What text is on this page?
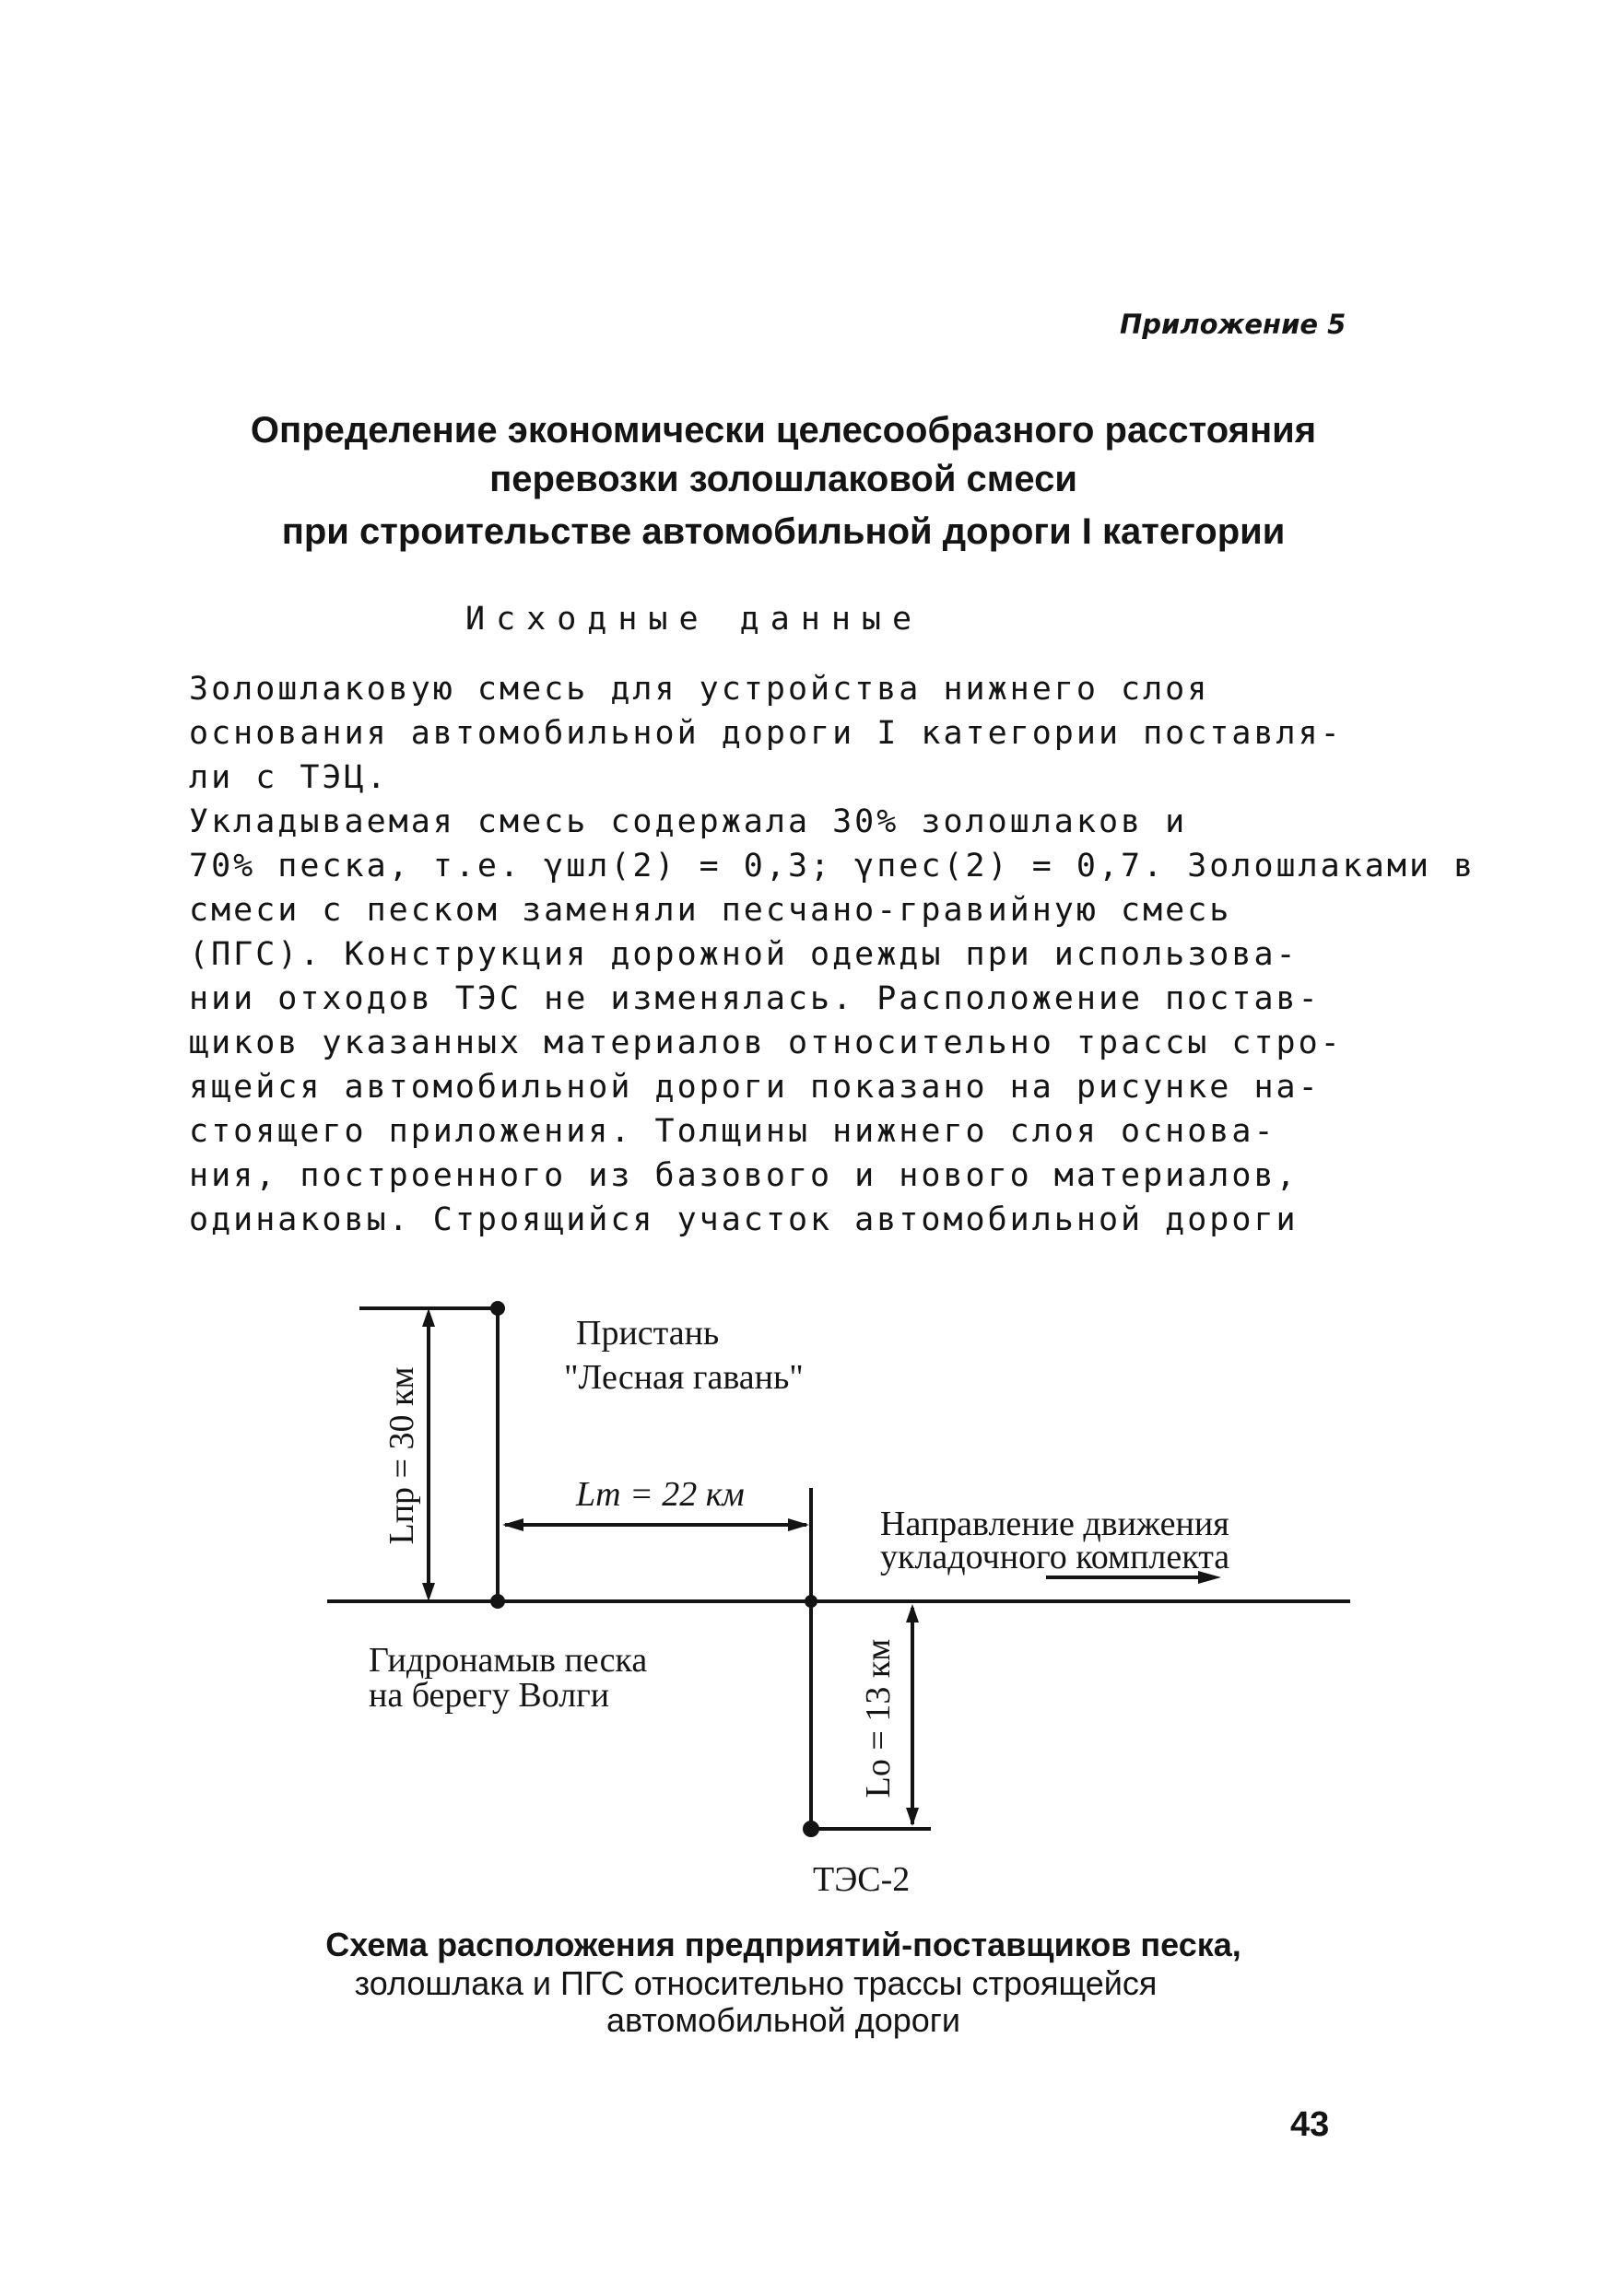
Приложение 5
Определение экономически целесообразного расстояния
перевозки золошлаковой смеси
при строительстве автомобильной дороги I категории
Исходные данные
Золошлаковую смесь для устройства нижнего слоя
основания автомобильной дороги I категории поставля-
ли с ТЭЦ.
Укладываемая смесь содержала 30% золошлаков и
70% песка, т.е. γшл(2) = 0,3; γпес(2) = 0,7. Золошлаками в
смеси с песком заменяли песчано-гравийную смесь
(ПГС). Конструкция дорожной одежды при использова-
нии отходов ТЭС не изменялась. Расположение постав-
щиков указанных материалов относительно трассы стро-
ящейся автомобильной дороги показано на рисунке на-
стоящего приложения. Толщины нижнего слоя основа-
ния, построенного из базового и нового материалов,
одинаковы. Строящийся участок автомобильной дороги
Lпр = 30 км
Lо = 13 км
Пристань
"Лесная гавань"
Lт = 22 км
Направление движения
укладочного комплекта
Гидронамыв песка
на берегу Волги
ТЭС-2
Схема расположения предприятий-поставщиков песка,
золошлака и ПГС относительно трассы строящейся
автомобильной дороги
43
